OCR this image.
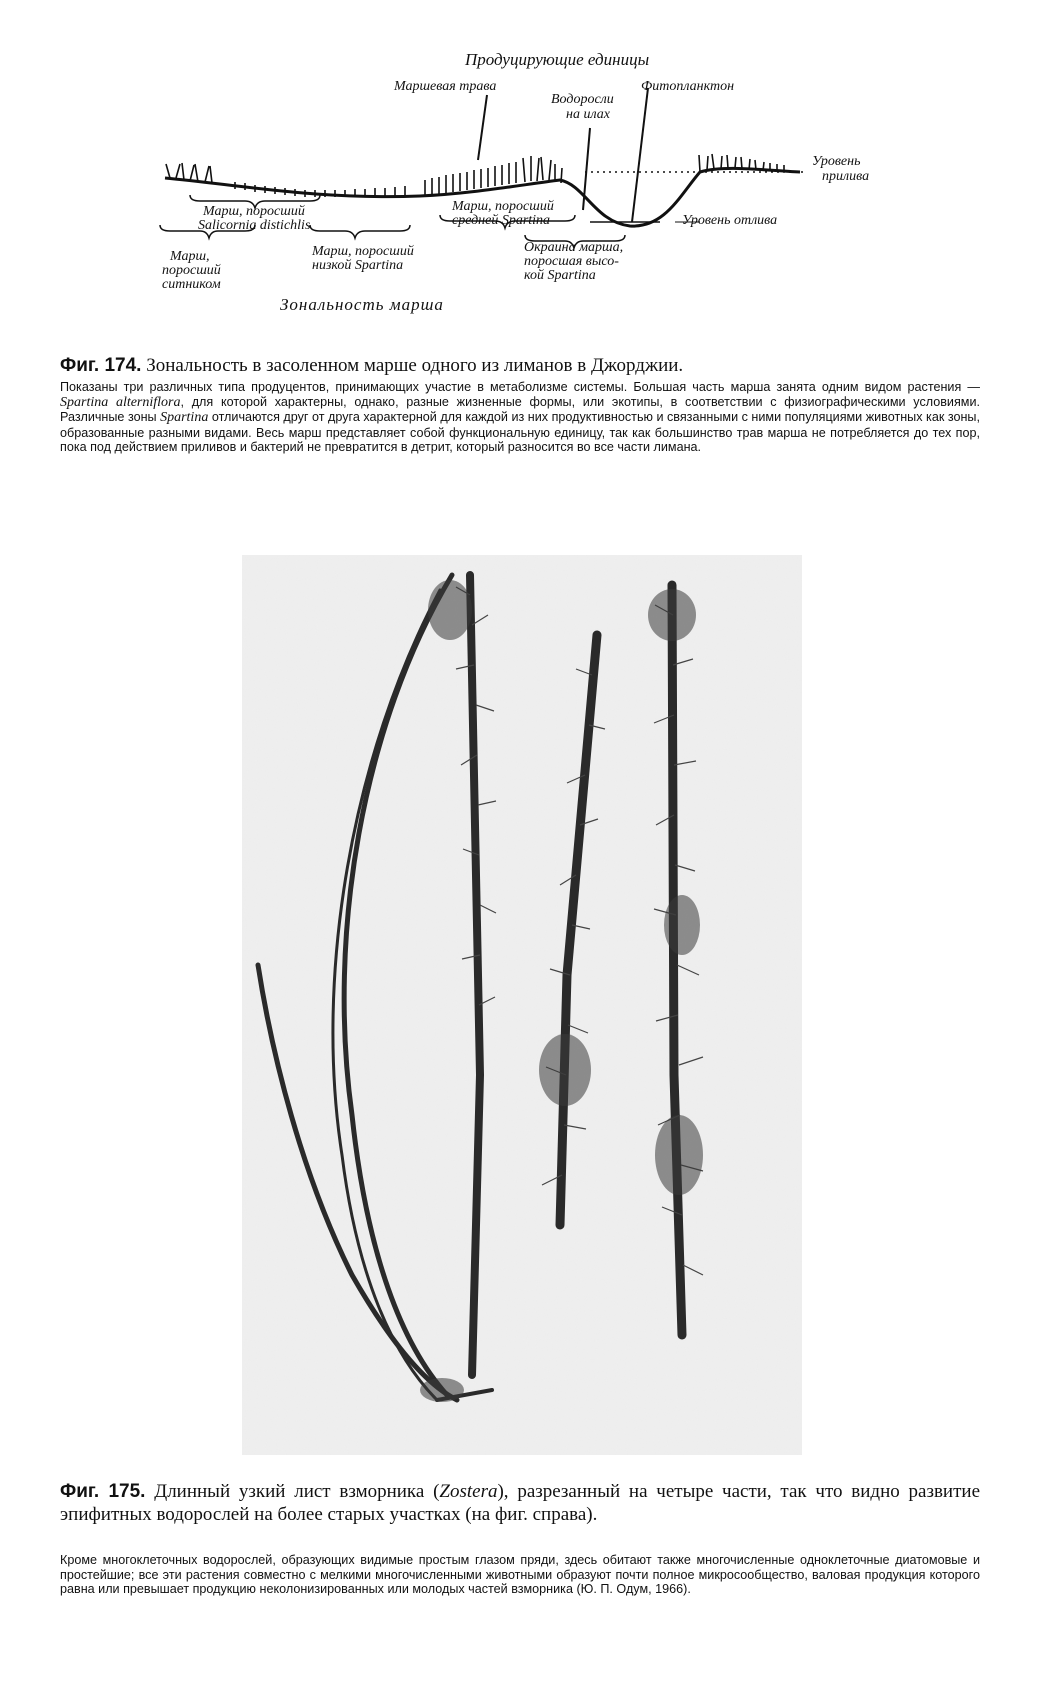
Продуцирующие единицы
Маршевая трава
Водоросли
на илах
Фитопланктон
Уровень
прилива
Уровень отлива
Марш, поросший
Salicornia distichlis
Марш, поросший
средней Spartina
Марш,
поросший
ситником
Марш, поросший
низкой Spartina
Окраина марша,
поросшая высо-
кой Spartina
Зональность марша
Фиг. 174. Зональность в засоленном марше одного из лиманов в Джорджии.
Показаны три различных типа продуцентов, принимающих участие в метаболизме системы. Большая часть марша занята одним видом растения — Spartina alterniflora, для которой характерны, однако, разные жизненные формы, или экотипы, в соответствии с физиографическими условиями. Различные зоны Spartina отличаются друг от друга характерной для каждой из них продуктивностью и связанными с ними популяциями животных как зоны, образованные разными видами. Весь марш представляет собой функциональную единицу, так как большинство трав марша не потребляется до тех пор, пока под действием приливов и бактерий не превратится в детрит, который разносится во все части лимана.
Фиг. 175. Длинный узкий лист взморника (Zostera), разрезанный на четыре части, так что видно развитие эпифитных водорослей на более старых участках (на фиг. справа).
Кроме многоклеточных водорослей, образующих видимые простым глазом пряди, здесь обитают также многочисленные одноклеточные диатомовые и простейшие; все эти растения совместно с мелкими многочисленными животными образуют почти полное микросообщество, валовая продукция которого равна или превышает продукцию неколонизированных или молодых частей взморника (Ю. П. Одум, 1966).
